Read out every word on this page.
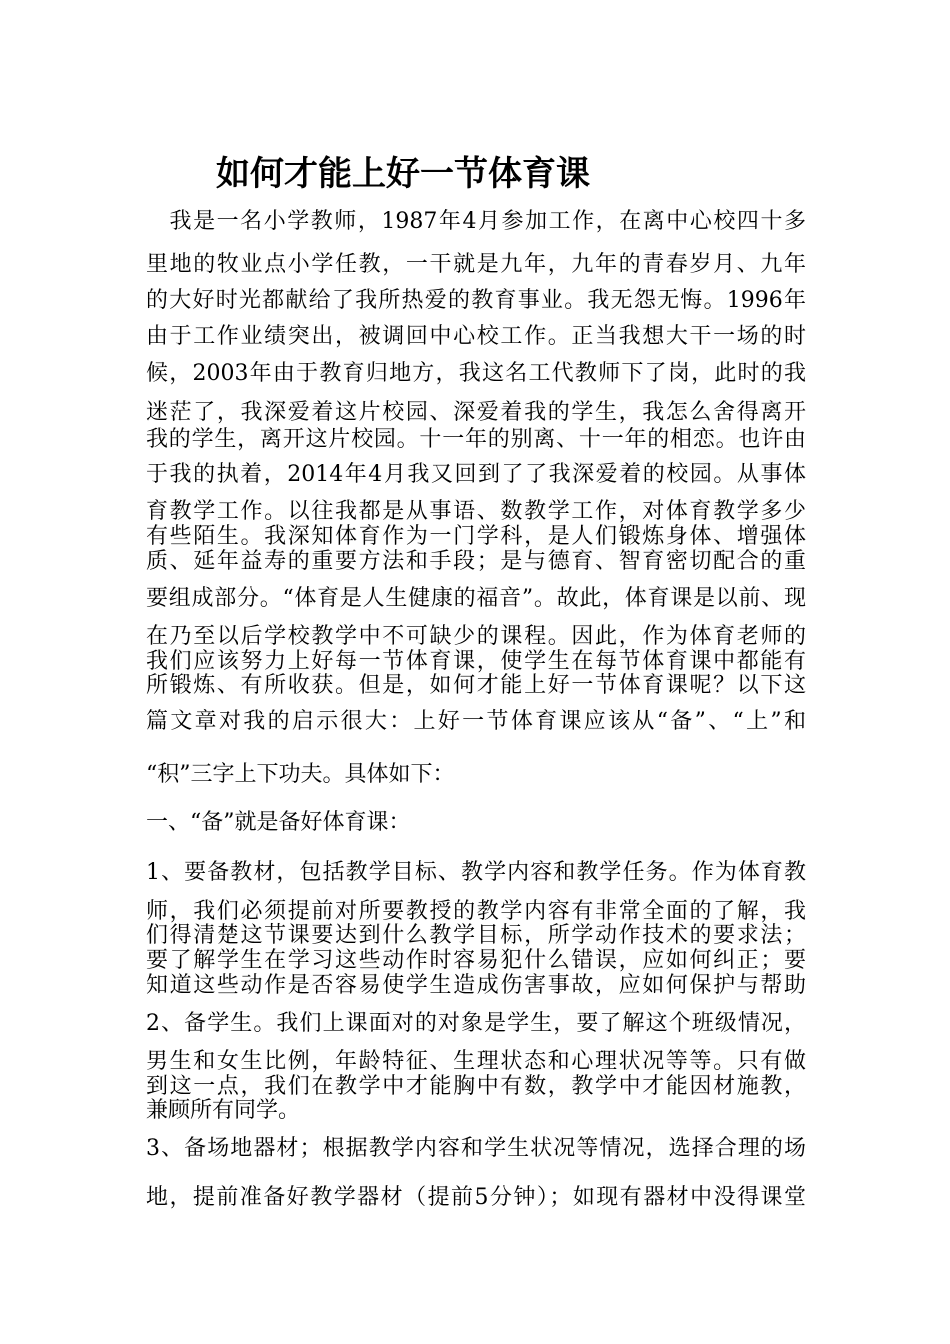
如何才能上好一节体育课
　我是一名小学教师，1987年4月参加工作，在离中心校四十多
里地的牧业点小学任教，一干就是九年，九年的青春岁月、九年
的大好时光都献给了我所热爱的教育事业。我无怨无悔。1996年
由于工作业绩突出，被调回中心校工作。正当我想大干一场的时
候，2003年由于教育归地方，我这名工代教师下了岗，此时的我
迷茫了，我深爱着这片校园、深爱着我的学生，我怎么舍得离开
我的学生，离开这片校园。十一年的别离、十一年的相恋。也许由
于我的执着，2014年4月我又回到了了我深爱着的校园。从事体
育教学工作。以往我都是从事语、数教学工作，对体育教学多少
有些陌生。我深知体育作为一门学科，是人们锻炼身体、增强体
质、延年益寿的重要方法和手段；是与德育、智育密切配合的重
要组成部分。“体育是人生健康的福音”。故此，体育课是以前、现
在乃至以后学校教学中不可缺少的课程。因此，作为体育老师的
我们应该努力上好每一节体育课，使学生在每节体育课中都能有
所锻炼、有所收获。但是，如何才能上好一节体育课呢？以下这
篇文章对我的启示很大：上好一节体育课应该从“备”、“上”和
“积”三字上下功夫。具体如下：
一、“备”就是备好体育课：
1、要备教材，包括教学目标、教学内容和教学任务。作为体育教
师，我们必须提前对所要教授的教学内容有非常全面的了解，我
们得清楚这节课要达到什么教学目标，所学动作技术的要求法；
要了解学生在学习这些动作时容易犯什么错误，应如何纠正；要
知道这些动作是否容易使学生造成伤害事故，应如何保护与帮助
2、备学生。我们上课面对的对象是学生，要了解这个班级情况，
男生和女生比例，年龄特征、生理状态和心理状况等等。只有做
到这一点，我们在教学中才能胸中有数，教学中才能因材施教，
兼顾所有同学。
3、备场地器材；根据教学内容和学生状况等情况，选择合理的场
地，提前准备好教学器材（提前5分钟）；如现有器材中没得课堂
